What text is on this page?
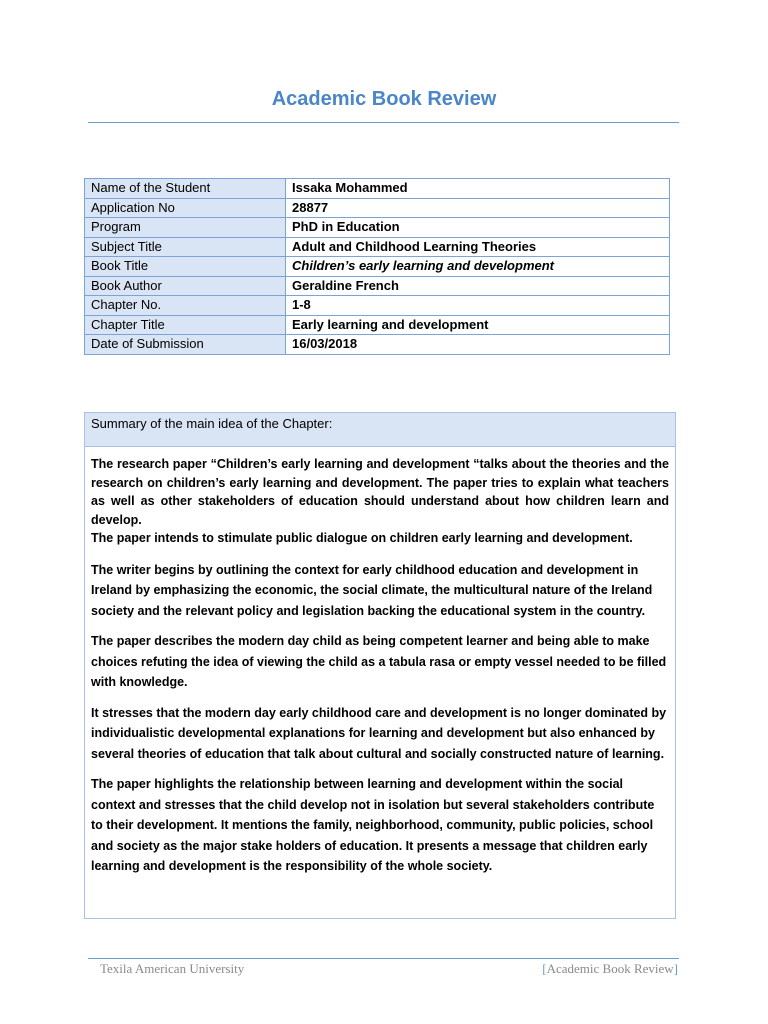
Academic Book Review
Name of the Student	Issaka Mohammed
Application No	28877
Program	PhD in Education
Subject Title	Adult and Childhood Learning Theories
Book Title	Children’s early learning and development
Book Author	Geraldine French
Chapter No.	1-8
Chapter Title	Early learning and development
Date of Submission	16/03/2018
Summary of the main idea of the Chapter:

The research paper “Children’s early learning and development “talks about the theories and the research on children’s early learning and development. The paper tries to explain what teachers as well as other stakeholders of education should understand about how children learn and develop.

The paper intends to stimulate public dialogue on children early learning and development.

The writer begins by outlining the context for early childhood education and development in Ireland by emphasizing the economic, the social climate, the multicultural nature of the Ireland society and the relevant policy and legislation backing the educational system in the country.

The paper describes the modern day child as being competent learner and being able to make choices refuting the idea of viewing the child as a tabula rasa or empty vessel needed to be filled with knowledge.

It stresses that the modern day early childhood care and development is no longer dominated by individualistic developmental explanations for learning and development but also enhanced by several theories of education that talk about cultural and socially constructed nature of learning.

The paper highlights the relationship between learning and development within the social context and stresses that the child develop not in isolation but several stakeholders contribute to their development. It mentions the family, neighborhood, community, public policies, school and society as the major stake holders of education. It presents a message that children early learning and development is the responsibility of the whole society.

Texila American University	[Academic Book Review]
